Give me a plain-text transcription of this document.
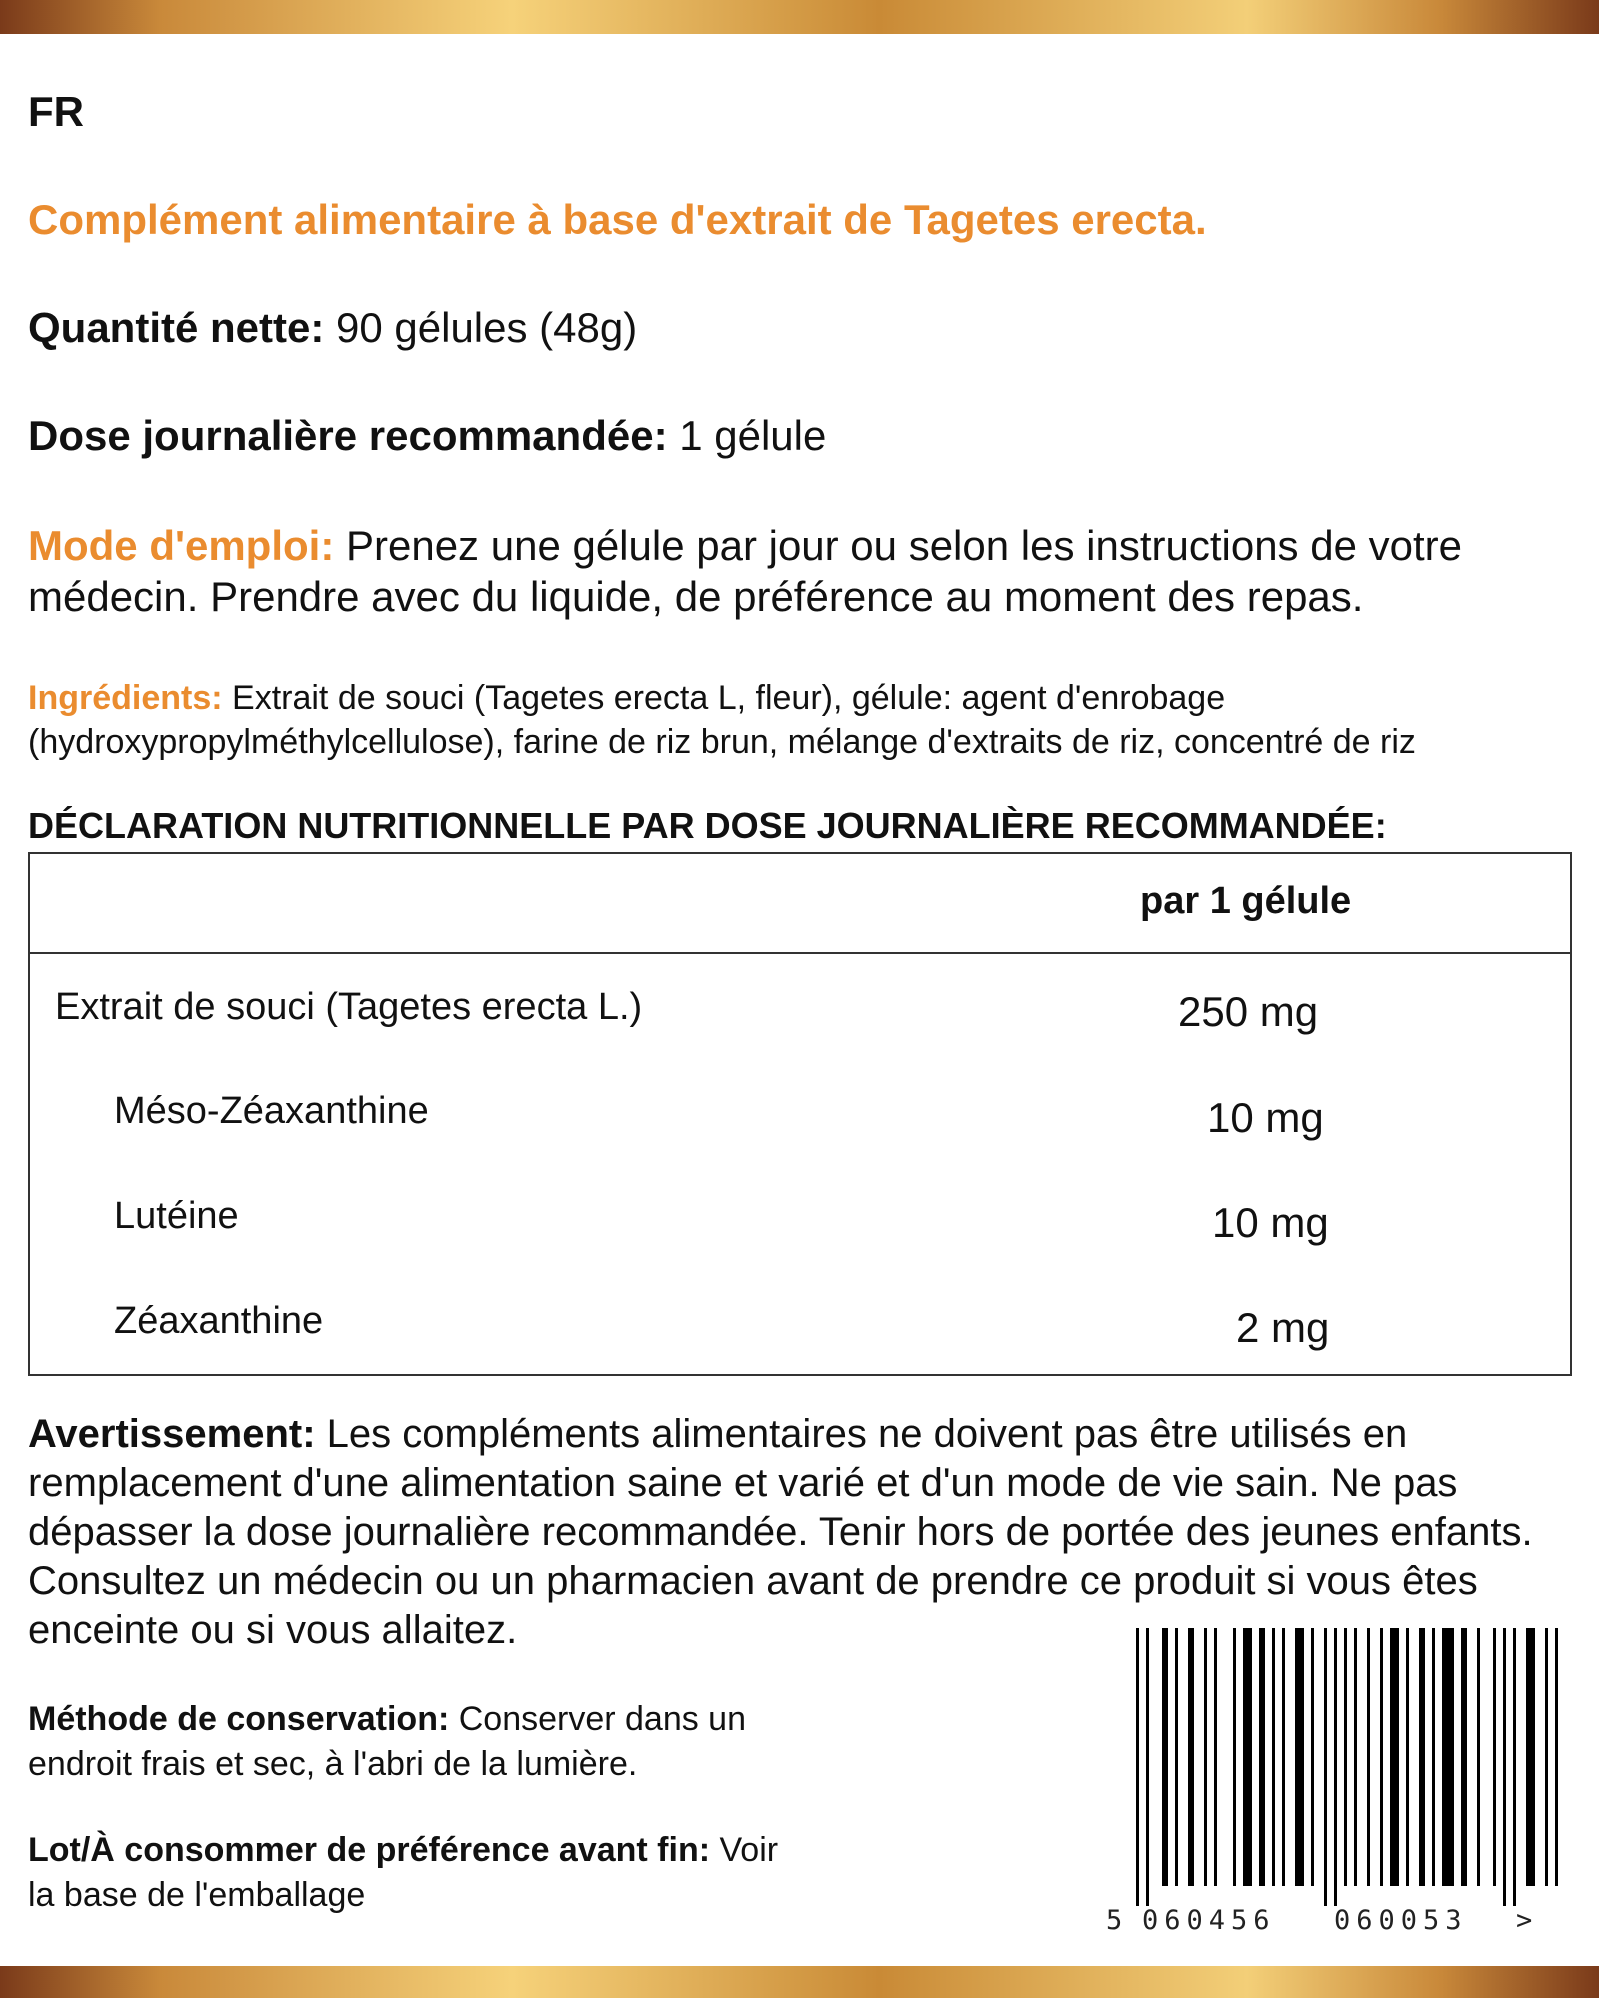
FR
Complément alimentaire à base d'extrait de Tagetes erecta.
Quantité nette: 90 gélules (48g)
Dose journalière recommandée: 1 gélule
Mode d'emploi: Prenez une gélule par jour ou selon les instructions de votre médecin. Prendre avec du liquide, de préférence au moment des repas.
Ingrédients: Extrait de souci (Tagetes erecta L, fleur), gélule: agent d'enrobage (hydroxypropylméthylcellulose), farine de riz brun, mélange d'extraits de riz, concentré de riz
DÉCLARATION NUTRITIONNELLE PAR DOSE JOURNALIÈRE RECOMMANDÉE:
par 1 gélule
Extrait de souci (Tagetes erecta L.)	250 mg
Méso-Zéaxanthine	10 mg
Lutéine	10 mg
Zéaxanthine	2 mg
Avertissement: Les compléments alimentaires ne doivent pas être utilisés en remplacement d'une alimentation saine et varié et d'un mode de vie sain. Ne pas dépasser la dose journalière recommandée. Tenir hors de portée des jeunes enfants. Consultez un médecin ou un pharmacien avant de prendre ce produit si vous êtes enceinte ou si vous allaitez.
Méthode de conservation: Conserver dans un endroit frais et sec, à l'abri de la lumière.
Lot/À consommer de préférence avant fin: Voir la base de l'emballage
5 060456 060053 >
